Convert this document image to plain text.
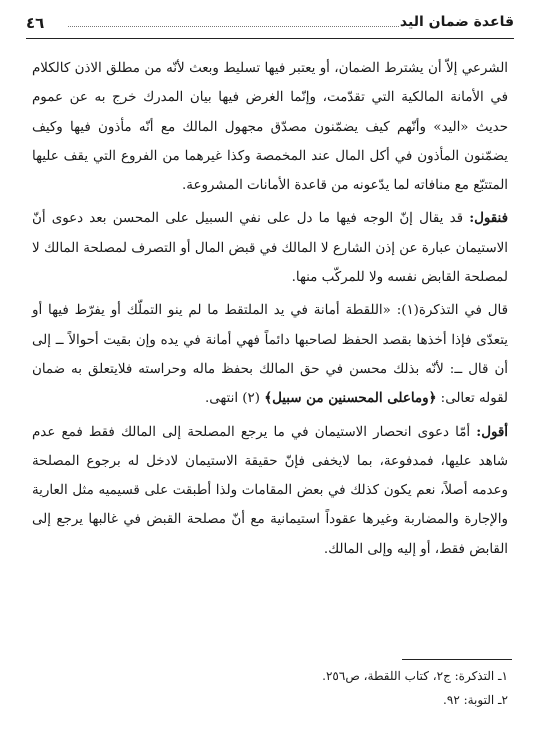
قاعدة ضمان اليد
٤٦

الشرعي إلاّ أن يشترط الضمان، أو يعتبر فيها تسليط وبعث لأنّه من مطلق الاذن كالكلام في الأمانة المالكية التي تقدّمت، وإنّما الغرض فيها بيان المدرك خرج به عن عموم حديث «اليد» وأنّهم كيف يضمّنون مصدّق مجهول المالك مع أنّه مأذون فيها وكيف يضمّنون المأذون في أكل المال عند المخمصة وكذا غيرهما من الفروع التي يقف عليها المتتبّع مع منافاته لما يدّعونه من قاعدة الأمانات المشروعة.

فنقول: قد يقال إنّ الوجه فيها ما دل على نفي السبيل على المحسن بعد دعوى أنّ الاستيمان عبارة عن إذن الشارع لا المالك في قبض المال أو التصرف لمصلحة المالك لا لمصلحة القابض نفسه ولا للمركّب منها.

قال في التذكرة(١): «اللقطة أمانة في يد الملتقط ما لم ينو التملّك أو يفرّط فيها أو يتعدّى فإذا أخذها بقصد الحفظ لصاحبها دائماً فهي أمانة في يده وإن بقيت أحوالاً ــ إلى أن قال ــ: لأنّه بذلك محسن في حق المالك بحفظ ماله وحراسته فلايتعلق به ضمان لقوله تعالى: ﴿وماعلى المحسنين من سبيل﴾ (٢) انتهى.

أقول: أمّا دعوى انحصار الاستيمان في ما يرجع المصلحة إلى المالك فقط فمع عدم شاهد عليها، فمدفوعة، بما لايخفى فإنّ حقيقة الاستيمان لادخل له برجوع المصلحة وعدمه أصلاً، نعم يكون كذلك في بعض المقامات ولذا أطبقت على قسيميه مثل العارية والإجارة والمضاربة وغيرها عقوداً استيمانية مع أنّ مصلحة القبض في غالبها يرجع إلى القابض فقط، أو إليه وإلى المالك.

١ـ التذكرة: ج٢، كتاب اللقطة، ص٢٥٦.
٢ـ التوبة: ٩٢.
